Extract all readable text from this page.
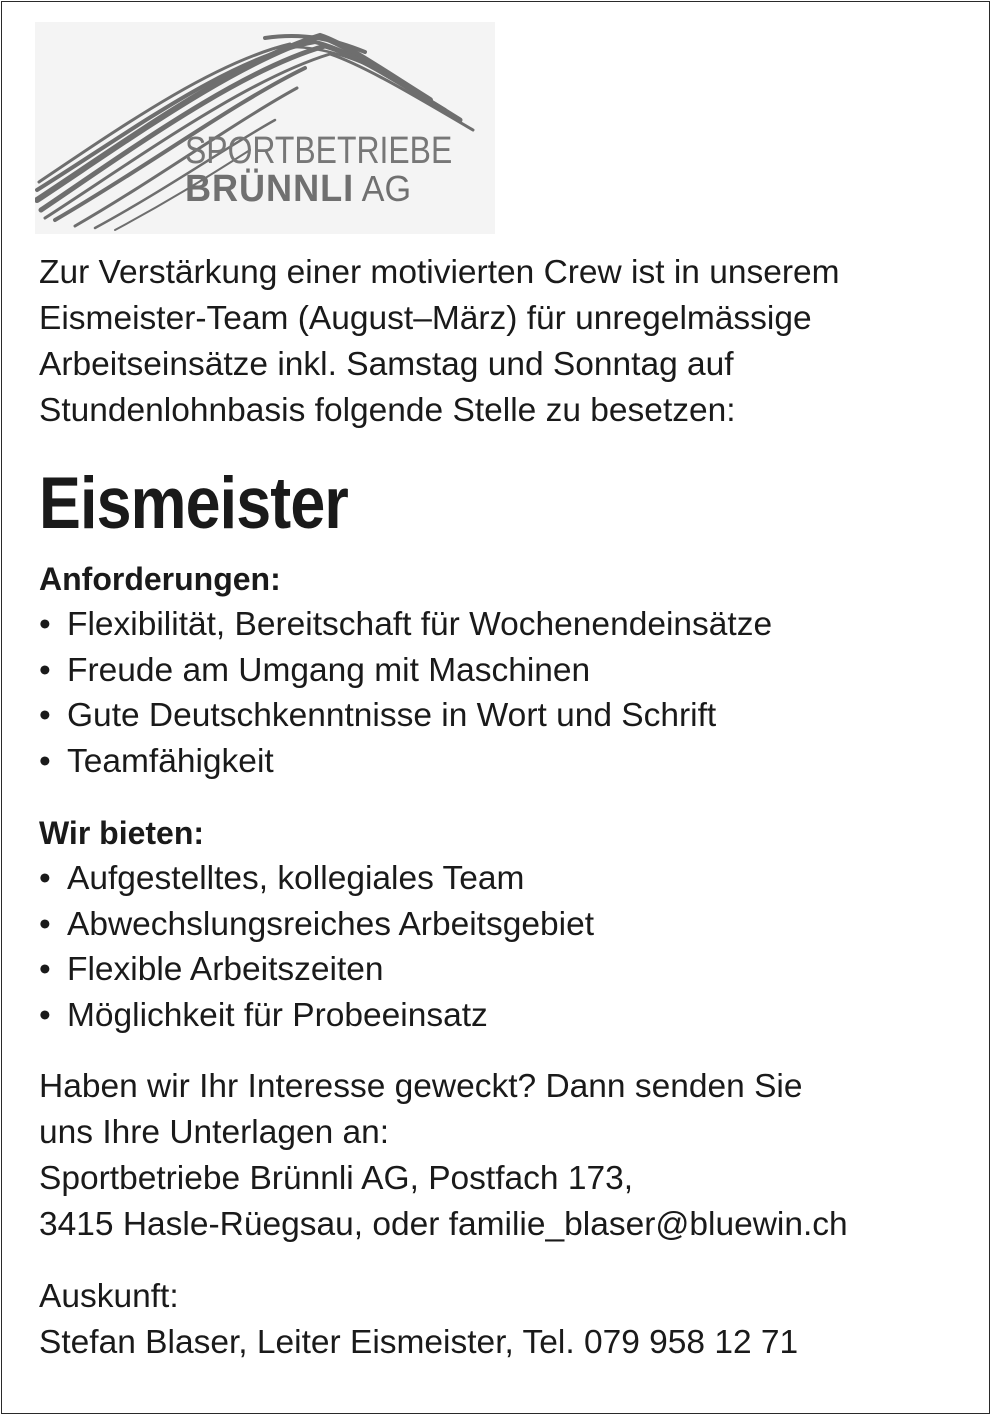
SPORTBETRIEBE
BRÜNNLI AG

Zur Verstärkung einer motivierten Crew ist in unserem

Eismeister-Team (August–März) für unregelmässige

Arbeitseinsätze inkl. Samstag und Sonntag auf

Stundenlohnbasis folgende Stelle zu besetzen:

Eismeister

Anforderungen:

• Flexibilität, Bereitschaft für Wochenendeinsätze
• Freude am Umgang mit Maschinen
• Gute Deutschkenntnisse in Wort und Schrift
• Teamfähigkeit

Wir bieten:

• Aufgestelltes, kollegiales Team
• Abwechslungsreiches Arbeitsgebiet
• Flexible Arbeitszeiten
• Möglichkeit für Probeeinsatz

Haben wir Ihr Interesse geweckt? Dann senden Sie

uns Ihre Unterlagen an:

Sportbetriebe Brünnli AG, Postfach 173,

3415 Hasle-Rüegsau, oder familie_blaser@bluewin.ch

Auskunft:

Stefan Blaser, Leiter Eismeister, Tel. 079 958 12 71
